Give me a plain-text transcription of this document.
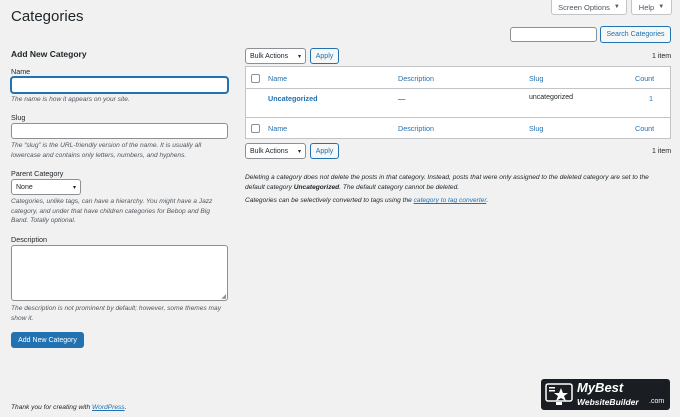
Screen Options ▼	Help ▼
Categories
Search Categories
Add New Category
Name
The name is how it appears on your site.
Slug
The “slug” is the URL-friendly version of the name. It is usually all lowercase and contains only letters, numbers, and hyphens.
Parent Category
None	▾
Categories, unlike tags, can have a hierarchy. You might have a Jazz category, and under that have children categories for Bebop and Big Band. Totally optional.
Description
◢
The description is not prominent by default; however, some themes may show it.
Add New Category
Bulk Actions ▾ Apply	1 item
Name	Description	Slug	Count
Uncategorized	—	uncategorized	1
Name	Description	Slug	Count
Bulk Actions ▾ Apply	1 item
Deleting a category does not delete the posts in that category. Instead, posts that were only assigned to the deleted category are set to the default category Uncategorized. The default category cannot be deleted.
Categories can be selectively converted to tags using the category to tag converter.
Thank you for creating with WordPress.
MyBest
WebsiteBuilder .com
